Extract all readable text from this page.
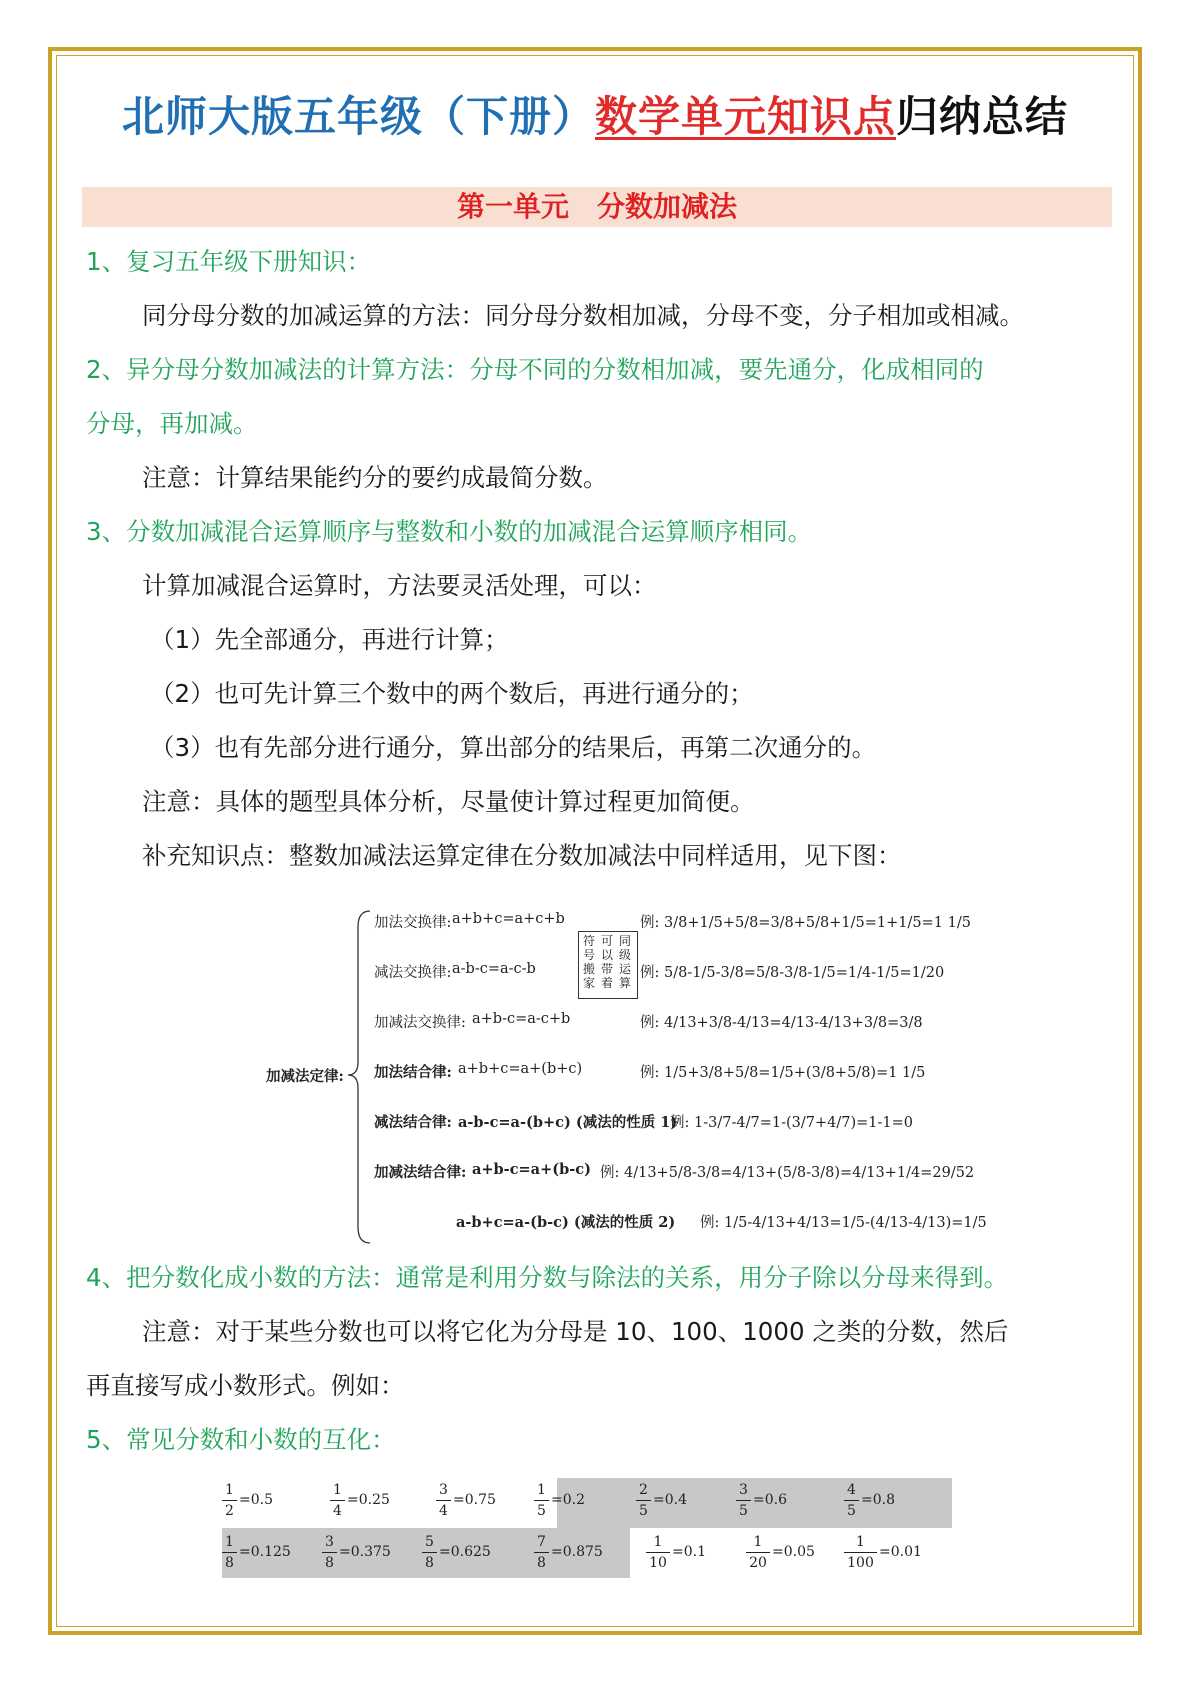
北师大版五年级（下册）数学单元知识点归纳总结
第一单元　分数加减法
1、复习五年级下册知识：
同分母分数的加减运算的方法：同分母分数相加减，分母不变，分子相加或相减。
2、异分母分数加减法的计算方法：分母不同的分数相加减，要先通分，化成相同的
分母，再加减。
注意：计算结果能约分的要约成最简分数。
3、分数加减混合运算顺序与整数和小数的加减混合运算顺序相同。
计算加减混合运算时，方法要灵活处理，可以：
（1）先全部通分，再进行计算；
（2）也可先计算三个数中的两个数后，再进行通分的；
（3）也有先部分进行通分，算出部分的结果后，再第二次通分的。
注意：具体的题型具体分析，尽量使计算过程更加简便。
补充知识点：整数加减法运算定律在分数加减法中同样适用，见下图：
加减法定律:
符号搬家
可以带着
同级运算
加法交换律: a+b+c=a+c+b	例: 3/8+1/5+5/8=3/8+5/8+1/5=1+1/5=1 1/5
减法交换律: a-b-c=a-c-b	例: 5/8-1/5-3/8=5/8-3/8-1/5=1/4-1/5=1/20
加减法交换律: a+b-c=a-c+b	例: 4/13+3/8-4/13=4/13-4/13+3/8=3/8
加法结合律: a+b+c=a+(b+c)	例: 1/5+3/8+5/8=1/5+(3/8+5/8)=1 1/5
减法结合律: a-b-c=a-(b+c) (减法的性质 1)
例: 1-3/7-4/7=1-(3/7+4/7)=1-1=0
加减法结合律: a+b-c=a+(b-c) 例: 4/13+5/8-3/8=4/13+(5/8-3/8)=4/13+1/4=29/52
a-b+c=a-(b-c) (减法的性质 2) 例: 1/5-4/13+4/13=1/5-(4/13-4/13)=1/5
4、把分数化成小数的方法：通常是利用分数与除法的关系，用分子除以分母来得到。
注意：对于某些分数也可以将它化为分母是 10、100、1000 之类的分数，然后
再直接写成小数形式。例如：
5、常见分数和小数的互化：
$\frac{1}{2} =0.5$	$\frac{1}{4} =0.25$	$\frac{3}{4} =0.75$	$\frac{1}{5} =0.2$	$\frac{2}{5} =0.4$	$\frac{3}{5} =0.6$	$\frac{4}{5} =0.8$
$\frac{1}{8} =0.125 \frac{3}{8} =0.375 \frac{5}{8} =0.625$	$\frac{7}{8} =0.875$	$\frac{1}{10} =0.1$	$\frac{1}{20} =0.05 \frac{1}{100} =0.01$
